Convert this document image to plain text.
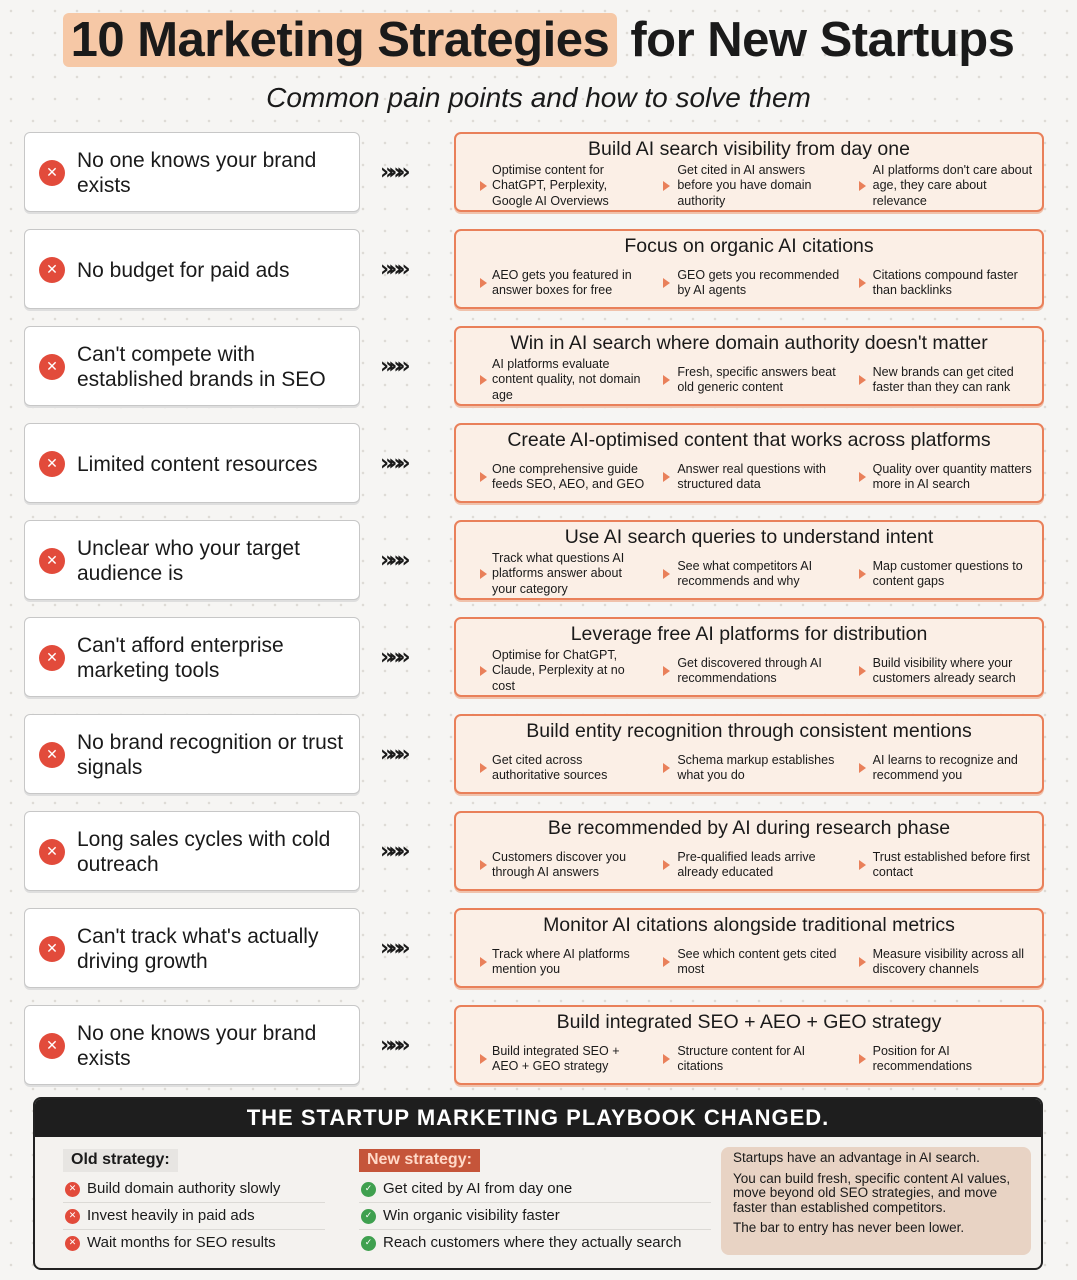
10 Marketing Strategies for New Startups
Common pain points and how to solve them
✕
No one knows your brand exists
»»»
Build AI search visibility from day one
Optimise content for ChatGPT, Perplexity, Google AI Overviews
Get cited in AI answers before you have domain authority
AI platforms don't care about age, they care about relevance
✕ No budget for paid ads	»»»
Focus on organic AI citations
AEO gets you featured in answer boxes for free
GEO gets you recommended by AI agents
Citations compound faster than backlinks
✕
Can't compete with established brands in SEO
»»»
Win in AI search where domain authority doesn't matter
AI platforms evaluate content quality, not domain age
Fresh, specific answers beat old generic content
New brands can get cited faster than they can rank
✕ Limited content resources	»»»
Create AI-optimised content that works across platforms
One comprehensive guide feeds SEO, AEO, and GEO
Answer real questions with structured data
Quality over quantity matters more in AI search
✕
Unclear who your target audience is
»»»
Use AI search queries to understand intent
Track what questions AI platforms answer about your category
See what competitors AI recommends and why
Map customer questions to content gaps
✕
Can't afford enterprise marketing tools
»»»
Leverage free AI platforms for distribution
Optimise for ChatGPT, Claude, Perplexity at no cost
Get discovered through AI recommendations
Build visibility where your customers already search
✕
No brand recognition or trust signals
»»»
Build entity recognition through consistent mentions
Get cited across authoritative sources
Schema markup establishes what you do
AI learns to recognize and recommend you
✕
Long sales cycles with cold outreach
»»»
Be recommended by AI during research phase
Customers discover you through AI answers
Pre-qualified leads arrive already educated
Trust established before first contact
✕
Can't track what's actually driving growth
»»»
Monitor AI citations alongside traditional metrics
Track where AI platforms mention you
See which content gets cited most
Measure visibility across all discovery channels
✕
No one knows your brand exists
»»»
Build integrated SEO + AEO + GEO strategy
Build integrated SEO + AEO + GEO strategy
Structure content for AI citations
Position for AI recommendations
THE STARTUP MARKETING PLAYBOOK CHANGED.
Old strategy:
✕ Build domain authority slowly
✕ Invest heavily in paid ads
✕ Wait months for SEO results
New strategy:
✓ Get cited by AI from day one
✓ Win organic visibility faster
✓ Reach customers where they actually search

Startups have an advantage in AI search.

You can build fresh, specific content AI values, move beyond old SEO strategies, and move faster than established competitors.

The bar to entry has never been lower.
